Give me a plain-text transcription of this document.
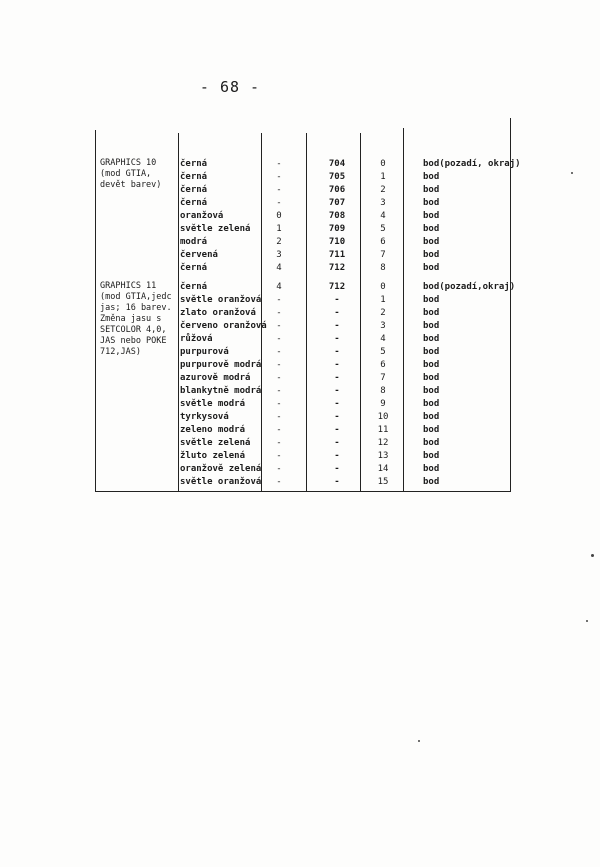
- 68 -
GRAPHICS 10
(mod GTIA,
devět barev)
černá	-	704	0	bod(pozadí, okraj)
černá	-	705	1	bod
černá	-	706	2	bod
černá	-	707	3	bod
oranžová	0	708	4	bod
světle zelená	1	709	5	bod
modrá	2	710	6	bod
červená	3	711	7	bod
černá	4	712	8	bod
GRAPHICS 11
(mod GTIA,jedc
jas; 16 barev.
Změna jasu s
SETCOLOR 4,0,
JAS nebo POKE
712,JAS)
černá	4	712	0	bod(pozadí,okraj)
světle oranžová	-	-	1	bod
zlato oranžová	-	-	2	bod
červeno oranžová	-	-	3	bod
růžová	-	-	4	bod
purpurová	-	-	5	bod
purpurově modrá	-	-	6	bod
azurově modrá	-	-	7	bod
blankytně modrá	-	-	8	bod
světle modrá	-	-	9	bod
tyrkysová	-	-	10	bod
zeleno modrá	-	-	11	bod
světle zelená	-	-	12	bod
žluto zelená	-	-	13	bod
oranžově zelená	-	-	14	bod
světle oranžová	-	-	15	bod
